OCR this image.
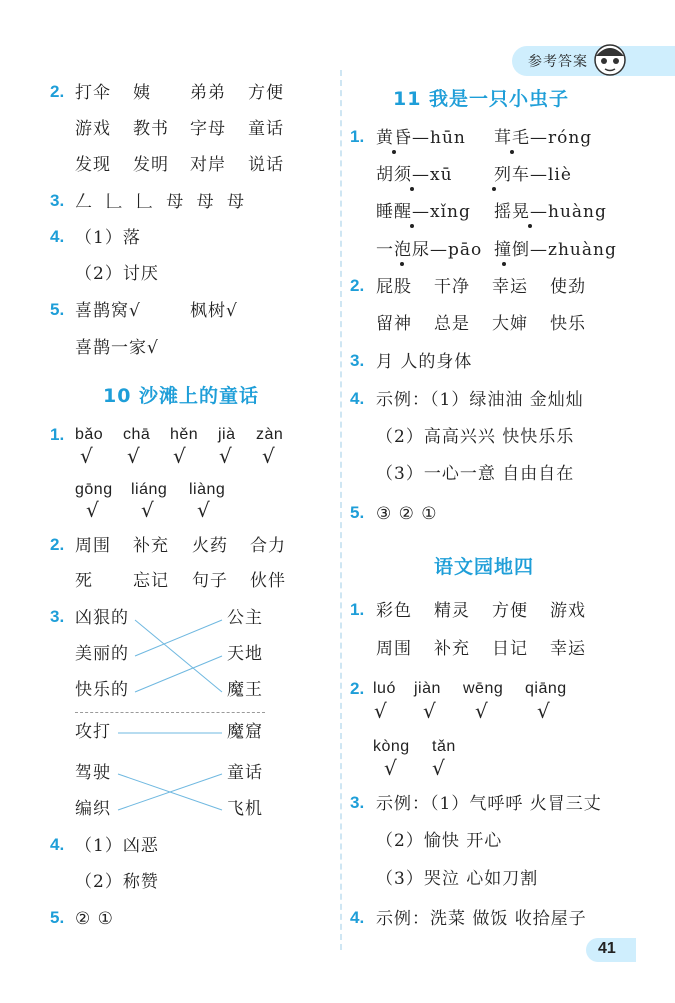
参考答案
2. 打伞 姨 弟弟 方便
游戏 教书 字母 童话
发现 发明 对岸 说话
3. 𠃋 𠃊 𠃊 母 母 母
4. （1）落
（2）讨厌
5. 喜鹊窝√	枫树√
喜鹊一家√
10 沙滩上的童话
1. bǎo chā hěn jià zàn
√ √ √ √ √
gōng liáng liàng
√ √ √
2. 周围 补充 火药 合力
死 忘记 句子 伙伴
3. 凶狠的
美丽的
快乐的
公主
天地
魔王
攻打
驾驶
编织
魔窟
童话
飞机
4. （1）凶恶
（2）称赞
5. ② ①
11 我是一只小虫子
1. 黄昏—hūn 茸毛—róng
胡须—xū 列车—liè
睡醒—xǐng 摇晃—huàng
一泡尿—pāo 撞倒—zhuàng
2. 屁股 干净 幸运 使劲
留神 总是 大婶 快乐
3. 月 人的身体
4. 示例：（1）绿油油 金灿灿
（2）高高兴兴 快快乐乐
（3）一心一意 自由自在
5. ③ ② ①
语文园地四
1. 彩色 精灵 方便 游戏
周围 补充 日记 幸运
2. luó jiàn wēng qiāng
√ √ √ √
kòng tǎn
√ √
3. 示例：（1）气呼呼 火冒三丈
（2）愉快 开心
（3）哭泣 心如刀割
4. 示例：洗菜 做饭 收拾屋子
41
